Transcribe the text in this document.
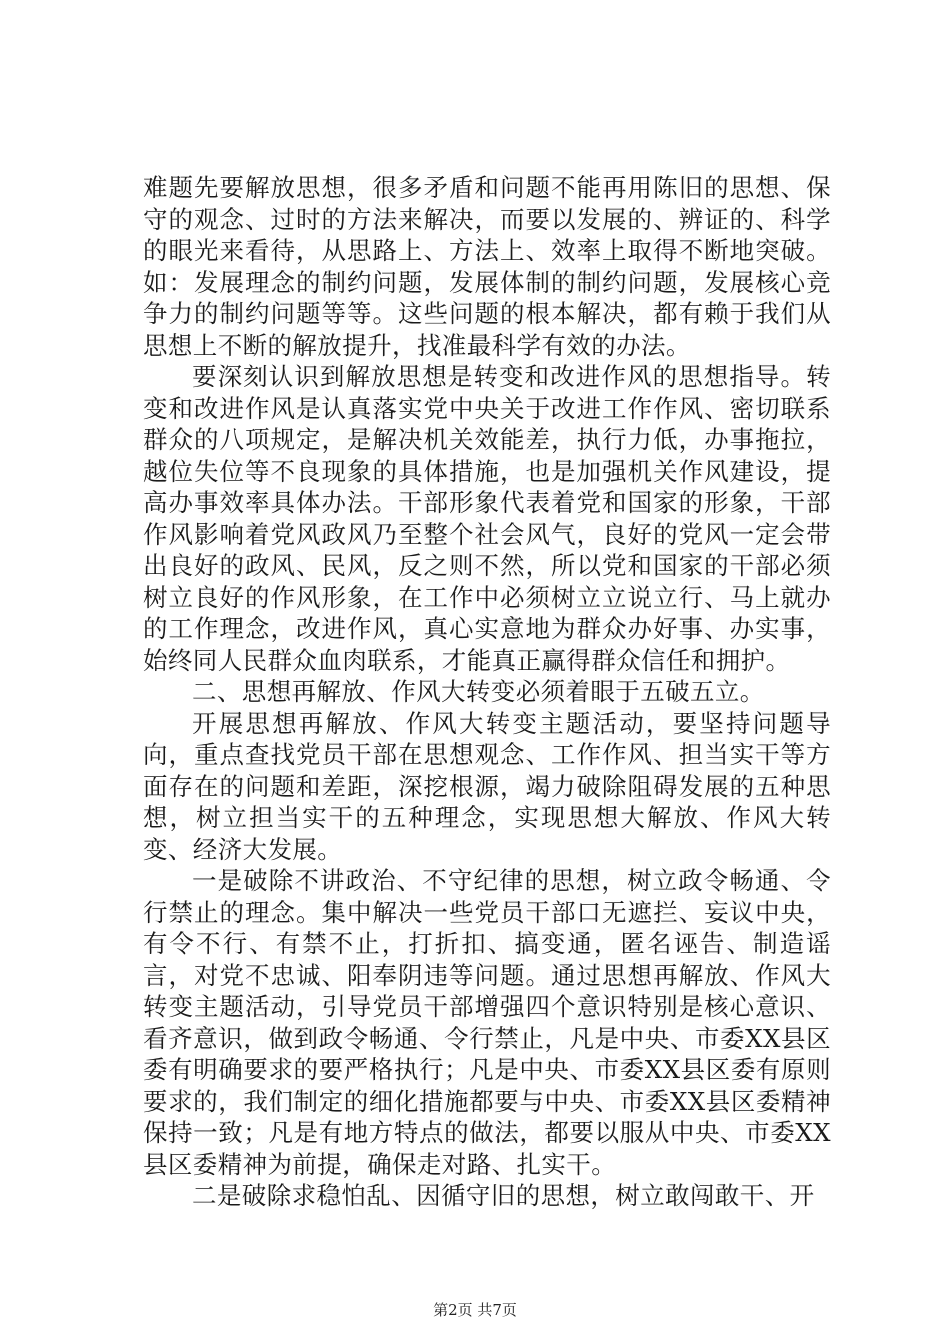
难题先要解放思想，很多矛盾和问题不能再用陈旧的思想、保守的观念、过时的方法来解决，而要以发展的、辨证的、科学的眼光来看待，从思路上、方法上、效率上取得不断地突破。如：发展理念的制约问题，发展体制的制约问题，发展核心竞争力的制约问题等等。这些问题的根本解决，都有赖于我们从思想上不断的解放提升，找准最科学有效的办法。

要深刻认识到解放思想是转变和改进作风的思想指导。转变和改进作风是认真落实党中央关于改进工作作风、密切联系群众的八项规定，是解决机关效能差，执行力低，办事拖拉，越位失位等不良现象的具体措施，也是加强机关作风建设，提高办事效率具体办法。干部形象代表着党和国家的形象，干部作风影响着党风政风乃至整个社会风气，良好的党风一定会带出良好的政风、民风，反之则不然，所以党和国家的干部必须树立良好的作风形象，在工作中必须树立立说立行、马上就办的工作理念，改进作风，真心实意地为群众办好事、办实事，始终同人民群众血肉联系，才能真正赢得群众信任和拥护。

二、思想再解放、作风大转变必须着眼于五破五立。

开展思想再解放、作风大转变主题活动，要坚持问题导向，重点查找党员干部在思想观念、工作作风、担当实干等方面存在的问题和差距，深挖根源，竭力破除阻碍发展的五种思想，树立担当实干的五种理念，实现思想大解放、作风大转变、经济大发展。

一是破除不讲政治、不守纪律的思想，树立政令畅通、令行禁止的理念。集中解决一些党员干部口无遮拦、妄议中央，有令不行、有禁不止，打折扣、搞变通，匿名诬告、制造谣言，对党不忠诚、阳奉阴违等问题。通过思想再解放、作风大转变主题活动，引导党员干部增强四个意识特别是核心意识、看齐意识，做到政令畅通、令行禁止，凡是中央、市委XX县区委有明确要求的要严格执行；凡是中央、市委XX县区委有原则要求的，我们制定的细化措施都要与中央、市委XX县区委精神保持一致；凡是有地方特点的做法，都要以服从中央、市委XX县区委精神为前提，确保走对路、扎实干。

二是破除求稳怕乱、因循守旧的思想，树立敢闯敢干、开

第2页 共7页
